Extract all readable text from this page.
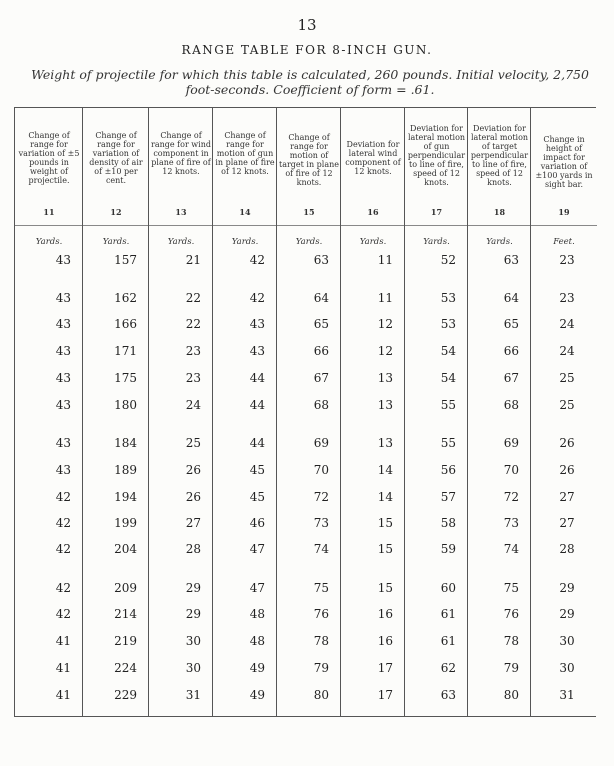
13
RANGE TABLE FOR 8-INCH GUN.
Weight of projectile for which this table is calculated, 260 pounds. Initial velocity, 2,750 foot-seconds. Coefficient of form = .61.
Change of range for variation of ±5 pounds in weight of projectile.
11
Yards.
43
43
43
43
43
43
43
43
42
42
42
42
42
41
41
41
Change of range for variation of density of air of ±10 per cent.
12
Yards.
157
162
166
171
175
180
184
189
194
199
204
209
214
219
224
229
Change of range for wind component in plane of fire of 12 knots.
13
Yards.
21
22
22
23
23
24
25
26
26
27
28
29
29
30
30
31
Change of range for motion of gun in plane of fire of 12 knots.
14
Yards.
42
42
43
43
44
44
44
45
45
46
47
47
48
48
49
49
Change of range for motion of target in plane of fire of 12 knots.
15
Yards.
63
64
65
66
67
68
69
70
72
73
74
75
76
78
79
80
Deviation for lateral wind component of 12 knots.
16
Yards.
11
11
12
12
13
13
13
14
14
15
15
15
16
16
17
17
Deviation for lateral motion of gun perpendicular to line of fire, speed of 12 knots.
17
Yards.
52
53
53
54
54
55
55
56
57
58
59
60
61
61
62
63
Deviation for lateral motion of target perpendicular to line of fire, speed of 12 knots.
18
Yards.
63
64
65
66
67
68
69
70
72
73
74
75
76
78
79
80
Change in height of impact for variation of ±100 yards in sight bar.
19
Feet.
23
23
24
24
25
25
26
26
27
27
28
29
29
30
30
31
